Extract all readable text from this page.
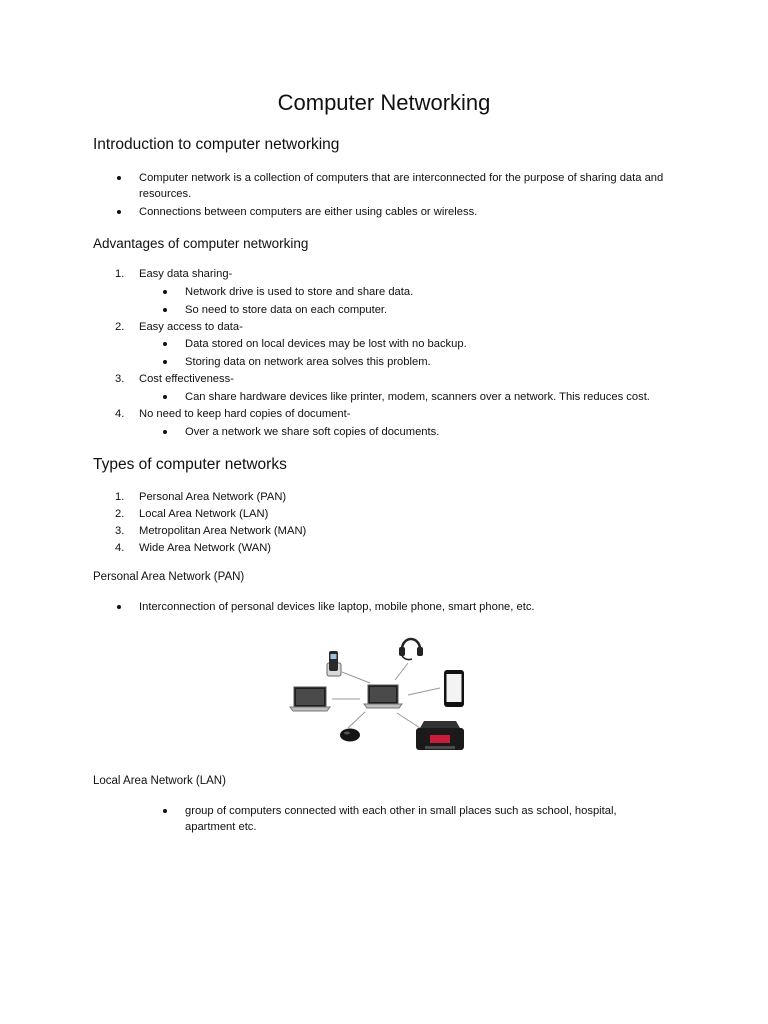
Computer Networking
Introduction to computer networking
Computer network is a collection of computers that are interconnected for the purpose of sharing data and resources.
Connections between computers are either using cables or wireless.
Advantages of computer networking
1. Easy data sharing-
Network drive is used to store and share data.
So need to store data on each computer.
2. Easy access to data-
Data stored on local devices may be lost with no backup.
Storing data on network area solves this problem.
3. Cost effectiveness-
Can share hardware devices like printer, modem, scanners over a network. This reduces cost.
4. No need to keep hard copies of document-
Over a network we share soft copies of documents.
Types of computer networks
1. Personal Area Network (PAN)
2. Local Area Network (LAN)
3. Metropolitan Area Network (MAN)
4. Wide Area Network (WAN)
Personal Area Network (PAN)
Interconnection of personal devices like laptop, mobile phone, smart phone, etc.
Local Area Network (LAN)
group of computers connected with each other in small places such as school, hospital, apartment etc.
